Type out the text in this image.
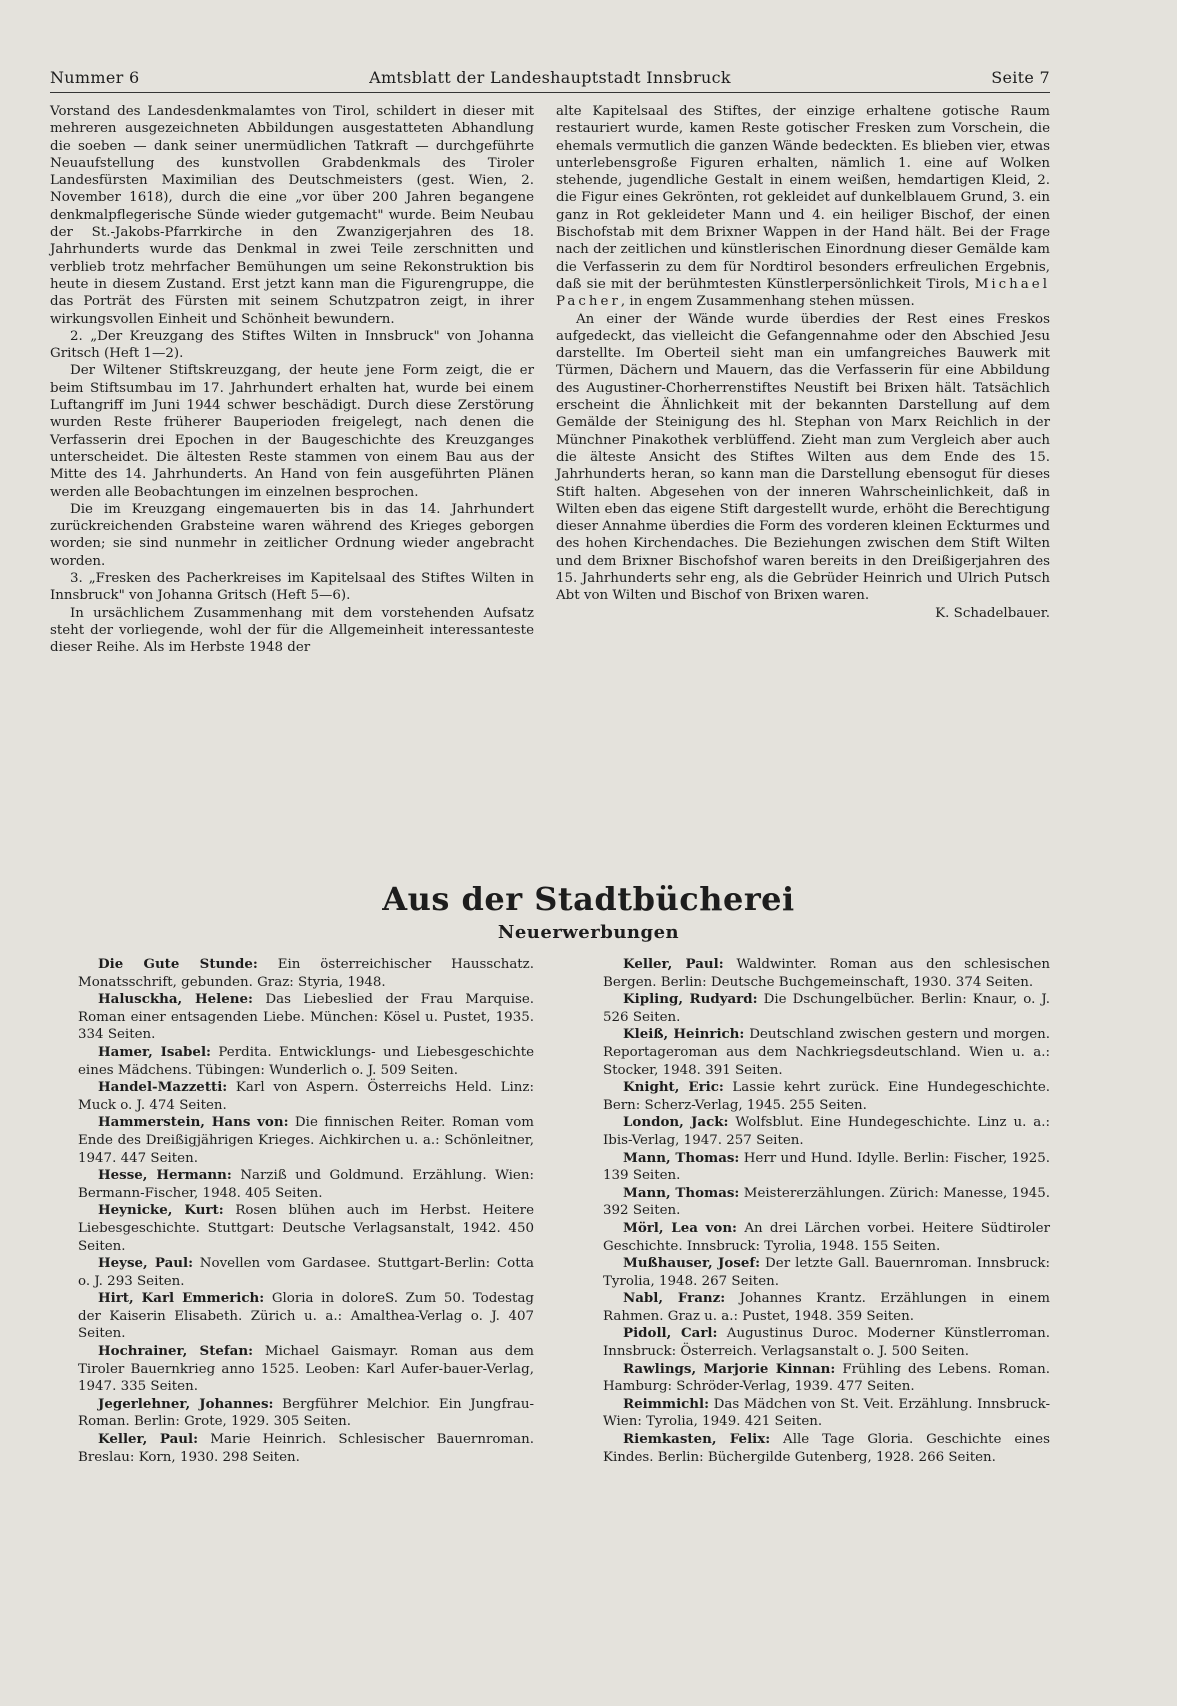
Nummer 6	Amtsblatt der Landeshauptstadt Innsbruck	Seite 7

Vorstand des Landesdenkmalamtes von Tirol, schildert in dieser mit mehreren ausgezeichneten Abbildungen ausgestatteten Abhandlung die soeben — dank seiner unermüdlichen Tatkraft — durchgeführte Neuaufstellung des kunstvollen Grabdenkmals des Tiroler Landesfürsten Maximilian des Deutschmeisters (gest. Wien, 2. November 1618), durch die eine „vor über 200 Jahren begangene denkmalpflegerische Sünde wieder gutgemacht" wurde. Beim Neubau der St.-Jakobs-Pfarrkirche in den Zwanzigerjahren des 18. Jahrhunderts wurde das Denkmal in zwei Teile zerschnitten und verblieb trotz mehrfacher Bemühungen um seine Rekonstruktion bis heute in diesem Zustand. Erst jetzt kann man die Figurengruppe, die das Porträt des Fürsten mit seinem Schutzpatron zeigt, in ihrer wirkungsvollen Einheit und Schönheit bewundern.

2. „Der Kreuzgang des Stiftes Wilten in Innsbruck" von Johanna Gritsch (Heft 1—2).

Der Wiltener Stiftskreuzgang, der heute jene Form zeigt, die er beim Stiftsumbau im 17. Jahrhundert erhalten hat, wurde bei einem Luftangriff im Juni 1944 schwer beschädigt. Durch diese Zerstörung wurden Reste früherer Bauperioden freigelegt, nach denen die Verfasserin drei Epochen in der Baugeschichte des Kreuzganges unterscheidet. Die ältesten Reste stammen von einem Bau aus der Mitte des 14. Jahrhunderts. An Hand von fein ausgeführten Plänen werden alle Beobachtungen im einzelnen besprochen.

Die im Kreuzgang eingemauerten bis in das 14. Jahrhundert zurückreichenden Grabsteine waren während des Krieges geborgen worden; sie sind nunmehr in zeitlicher Ordnung wieder angebracht worden.

3. „Fresken des Pacherkreises im Kapitelsaal des Stiftes Wilten in Innsbruck" von Johanna Gritsch (Heft 5—6).

In ursächlichem Zusammenhang mit dem vorstehenden Aufsatz steht der vorliegende, wohl der für die Allgemeinheit interessanteste dieser Reihe. Als im Herbste 1948 der

alte Kapitelsaal des Stiftes, der einzige erhaltene gotische Raum restauriert wurde, kamen Reste gotischer Fresken zum Vorschein, die ehemals vermutlich die ganzen Wände bedeckten. Es blieben vier, etwas unterlebensgroße Figuren erhalten, nämlich 1. eine auf Wolken stehende, jugendliche Gestalt in einem weißen, hemdartigen Kleid, 2. die Figur eines Gekrönten, rot gekleidet auf dunkelblauem Grund, 3. ein ganz in Rot gekleideter Mann und 4. ein heiliger Bischof, der einen Bischofstab mit dem Brixner Wappen in der Hand hält. Bei der Frage nach der zeitlichen und künstlerischen Einordnung dieser Gemälde kam die Verfasserin zu dem für Nordtirol besonders erfreulichen Ergebnis, daß sie mit der berühmtesten Künstlerpersönlichkeit Tirols, Michael Pacher, in engem Zusammenhang stehen müssen.

An einer der Wände wurde überdies der Rest eines Freskos aufgedeckt, das vielleicht die Gefangennahme oder den Abschied Jesu darstellte. Im Oberteil sieht man ein umfangreiches Bauwerk mit Türmen, Dächern und Mauern, das die Verfasserin für eine Abbildung des Augustiner-Chorherrenstiftes Neustift bei Brixen hält. Tatsächlich erscheint die Ähnlichkeit mit der bekannten Darstellung auf dem Gemälde der Steinigung des hl. Stephan von Marx Reichlich in der Münchner Pinakothek verblüffend. Zieht man zum Vergleich aber auch die älteste Ansicht des Stiftes Wilten aus dem Ende des 15. Jahrhunderts heran, so kann man die Darstellung ebensogut für dieses Stift halten. Abgesehen von der inneren Wahrscheinlichkeit, daß in Wilten eben das eigene Stift dargestellt wurde, erhöht die Berechtigung dieser Annahme überdies die Form des vorderen kleinen Eckturmes und des hohen Kirchendaches. Die Beziehungen zwischen dem Stift Wilten und dem Brixner Bischofshof waren bereits in den Dreißigerjahren des 15. Jahrhunderts sehr eng, als die Gebrüder Heinrich und Ulrich Putsch Abt von Wilten und Bischof von Brixen waren.

K. Schadelbauer.

Aus der Stadtbücherei
Neuerwerbungen

Die Gute Stunde: Ein österreichischer Hausschatz. Monatsschrift, gebunden. Graz: Styria, 1948.

Halusckha, Helene: Das Liebeslied der Frau Marquise. Roman einer entsagenden Liebe. München: Kösel u. Pustet, 1935. 334 Seiten.

Hamer, Isabel: Perdita. Entwicklungs- und Liebesgeschichte eines Mädchens. Tübingen: Wunderlich o. J. 509 Seiten.

Handel-Mazzetti: Karl von Aspern. Österreichs Held. Linz: Muck o. J. 474 Seiten.

Hammerstein, Hans von: Die finnischen Reiter. Roman vom Ende des Dreißigjährigen Krieges. Aichkirchen u. a.: Schönleitner, 1947. 447 Seiten.

Hesse, Hermann: Narziß und Goldmund. Erzählung. Wien: Bermann-Fischer, 1948. 405 Seiten.

Heynicke, Kurt: Rosen blühen auch im Herbst. Heitere Liebesgeschichte. Stuttgart: Deutsche Verlagsanstalt, 1942. 450 Seiten.

Heyse, Paul: Novellen vom Gardasee. Stuttgart-Berlin: Cotta o. J. 293 Seiten.

Hirt, Karl Emmerich: Gloria in doloreS. Zum 50. Todestag der Kaiserin Elisabeth. Zürich u. a.: Amalthea-Verlag o. J. 407 Seiten.

Hochrainer, Stefan: Michael Gaismayr. Roman aus dem Tiroler Bauernkrieg anno 1525. Leoben: Karl Aufer-bauer-Verlag, 1947. 335 Seiten.

Jegerlehner, Johannes: Bergführer Melchior. Ein Jungfrau-Roman. Berlin: Grote, 1929. 305 Seiten.

Keller, Paul: Marie Heinrich. Schlesischer Bauernroman. Breslau: Korn, 1930. 298 Seiten.

Keller, Paul: Waldwinter. Roman aus den schlesischen Bergen. Berlin: Deutsche Buchgemeinschaft, 1930. 374 Seiten.

Kipling, Rudyard: Die Dschungelbücher. Berlin: Knaur, o. J. 526 Seiten.

Kleiß, Heinrich: Deutschland zwischen gestern und morgen. Reportageroman aus dem Nachkriegsdeutschland. Wien u. a.: Stocker, 1948. 391 Seiten.

Knight, Eric: Lassie kehrt zurück. Eine Hundegeschichte. Bern: Scherz-Verlag, 1945. 255 Seiten.

London, Jack: Wolfsblut. Eine Hundegeschichte. Linz u. a.: Ibis-Verlag, 1947. 257 Seiten.

Mann, Thomas: Herr und Hund. Idylle. Berlin: Fischer, 1925. 139 Seiten.

Mann, Thomas: Meistererzählungen. Zürich: Manesse, 1945. 392 Seiten.

Mörl, Lea von: An drei Lärchen vorbei. Heitere Südtiroler Geschichte. Innsbruck: Tyrolia, 1948. 155 Seiten.

Mußhauser, Josef: Der letzte Gall. Bauernroman. Innsbruck: Tyrolia, 1948. 267 Seiten.

Nabl, Franz: Johannes Krantz. Erzählungen in einem Rahmen. Graz u. a.: Pustet, 1948. 359 Seiten.

Pidoll, Carl: Augustinus Duroc. Moderner Künstlerroman. Innsbruck: Österreich. Verlagsanstalt o. J. 500 Seiten.

Rawlings, Marjorie Kinnan: Frühling des Lebens. Roman. Hamburg: Schröder-Verlag, 1939. 477 Seiten.

Reimmichl: Das Mädchen von St. Veit. Erzählung. Innsbruck-Wien: Tyrolia, 1949. 421 Seiten.

Riemkasten, Felix: Alle Tage Gloria. Geschichte eines Kindes. Berlin: Büchergilde Gutenberg, 1928. 266 Seiten.
